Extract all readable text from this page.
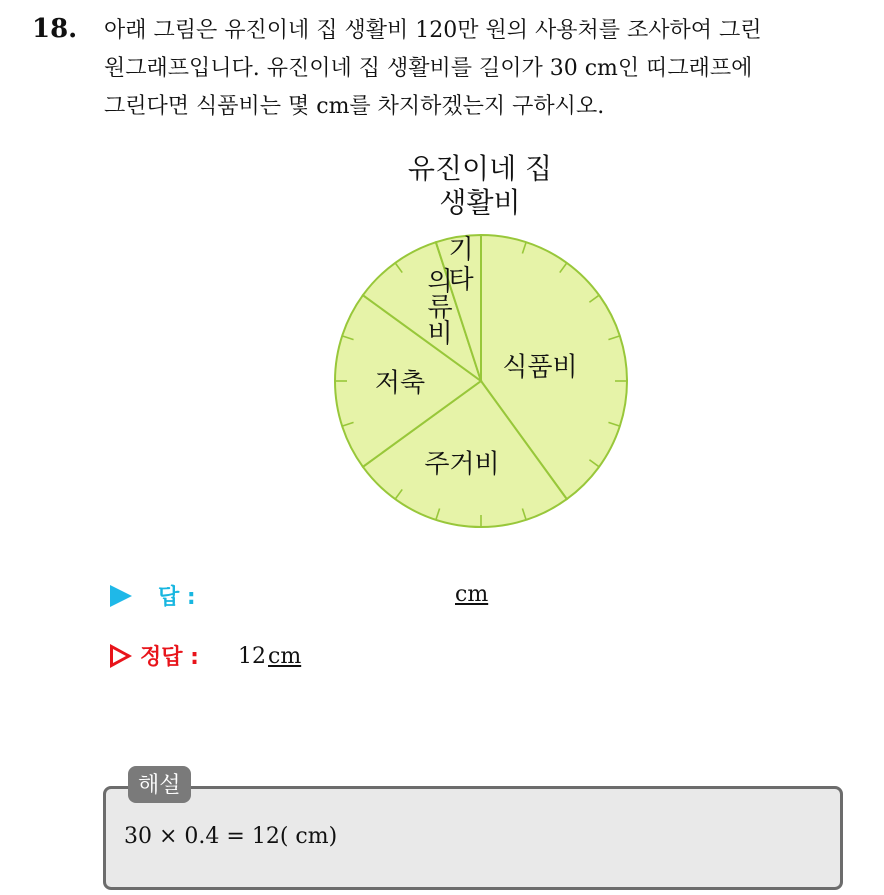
18. 아래 그림은 유진이네 집 생활비 120만 원의 사용처를 조사하여 그린
원그래프입니다. 유진이네 집 생활비를 길이가 30 cm인 띠그래프에
그린다면 식품비는 몇 cm를 차지하겠는지 구하시오.
유진이네 집
생활비
식품비
주거비
저축
의 류 비
기 타
답 :	cm
정답 : 12cm
해설
30 × 0.4 = 12( cm)
